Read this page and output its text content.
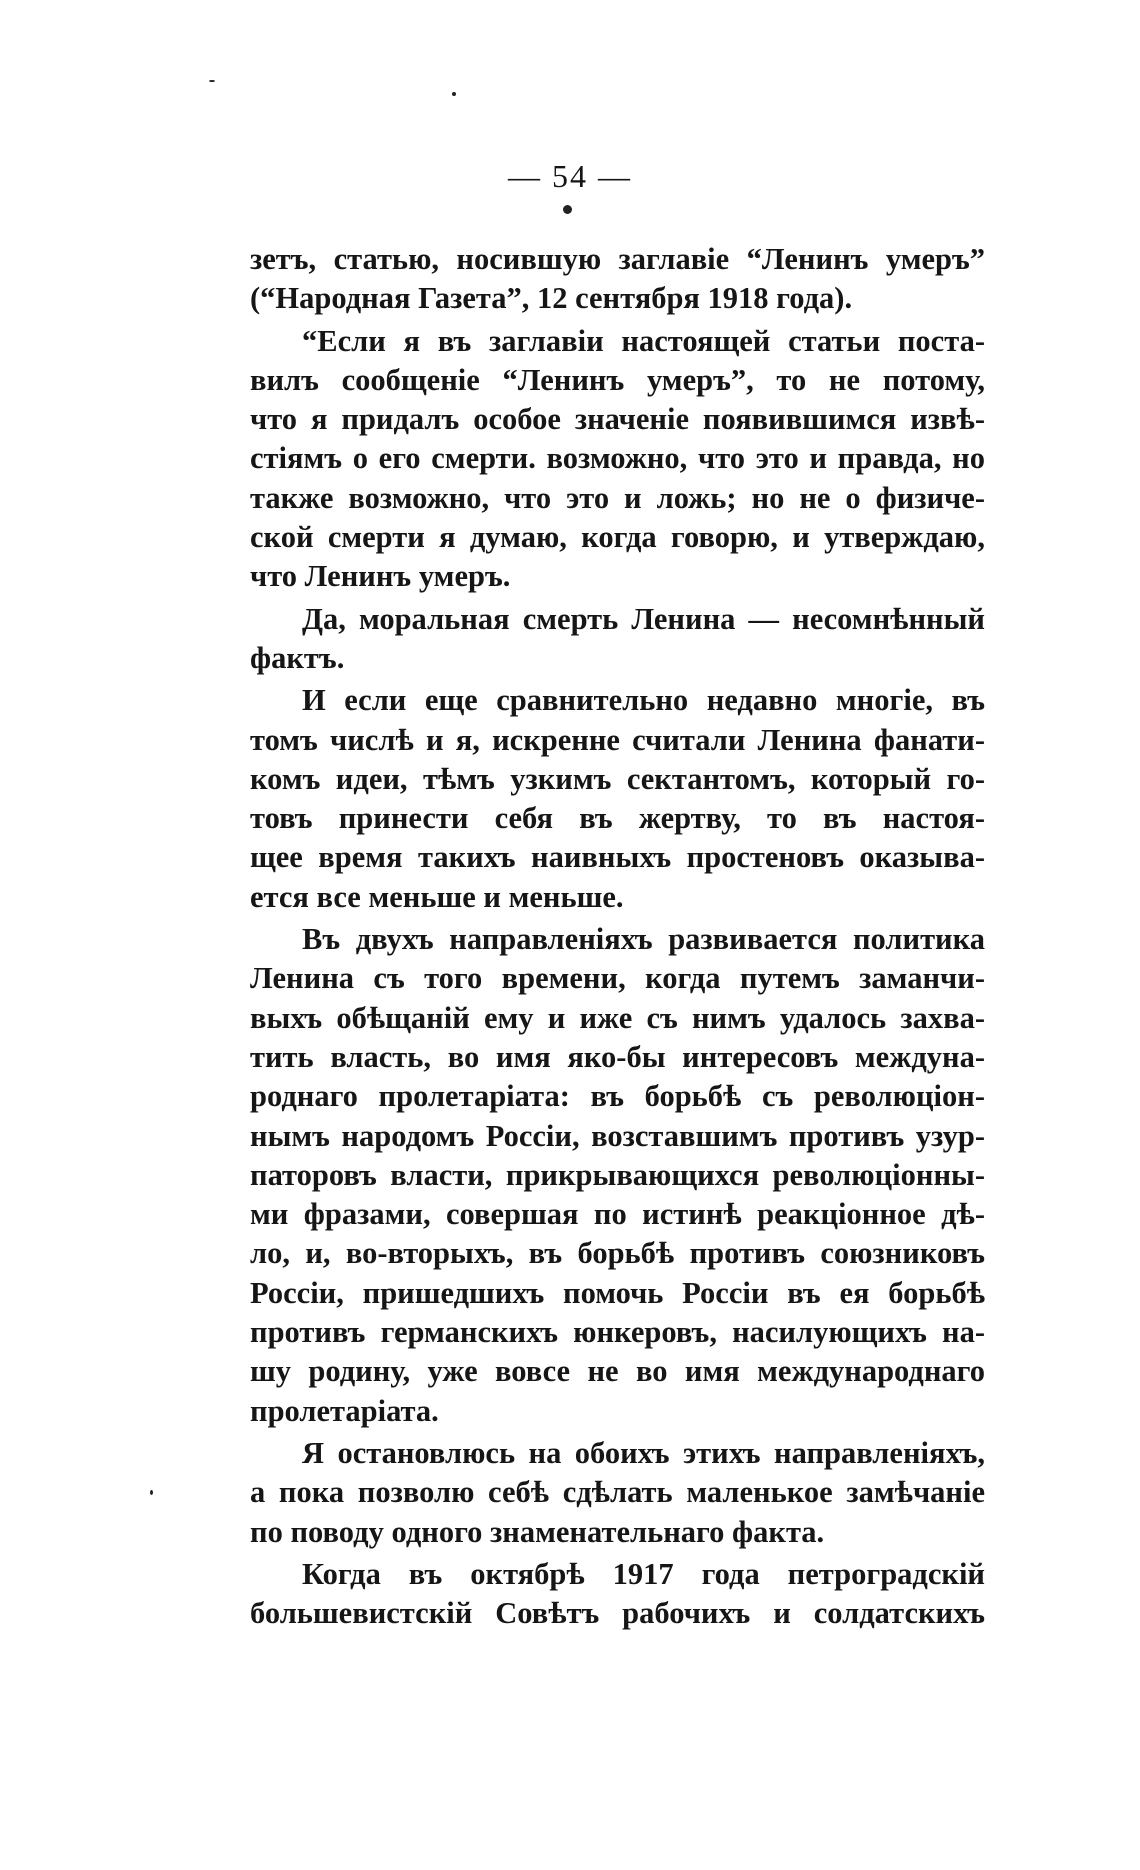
— 54 —
зетъ, статью, носившую заглавіе “Ленинъ умеръ”
(“Народная Газета”, 12 сентября 1918 года).
“Если я въ заглавіи настоящей статьи поста-
вилъ сообщеніе “Ленинъ умеръ”, то не потому,
что я придалъ особое значеніе появившимся извѣ-
стіямъ о его смерти. возможно, что это и правда, но
также возможно, что это и ложь; но не о физиче-
ской смерти я думаю, когда говорю, и утверждаю,
что Ленинъ умеръ.
Да, моральная смерть Ленина — несомнѣнный
фактъ.
И если еще сравнительно недавно многіе, въ
томъ числѣ и я, искренне считали Ленина фанати-
комъ идеи, тѣмъ узкимъ сектантомъ, который го-
товъ принести себя въ жертву, то въ настоя-
щее время такихъ наивныхъ простеновъ оказыва-
ется все меньше и меньше.
Въ двухъ направленіяхъ развивается политика
Ленина съ того времени, когда путемъ заманчи-
выхъ обѣщаній ему и иже съ нимъ удалось захва-
тить власть, во имя яко-бы интересовъ междуна-
роднаго пролетаріата: въ борьбѣ съ революціон-
нымъ народомъ Россіи, возставшимъ противъ узур-
паторовъ власти, прикрывающихся революціонны-
ми фразами, совершая по истинѣ реакціонное дѣ-
ло, и, во-вторыхъ, въ борьбѣ противъ союзниковъ
Россіи, пришедшихъ помочь Россіи въ ея борьбѣ
противъ германскихъ юнкеровъ, насилующихъ на-
шу родину, уже вовсе не во имя международнаго
пролетаріата.
Я остановлюсь на обоихъ этихъ направленіяхъ,
а пока позволю себѣ сдѣлать маленькое замѣчаніе
по поводу одного знаменательнаго факта.
Когда въ октябрѣ 1917 года петроградскій
большевистскій Совѣтъ рабочихъ и солдатскихъ
